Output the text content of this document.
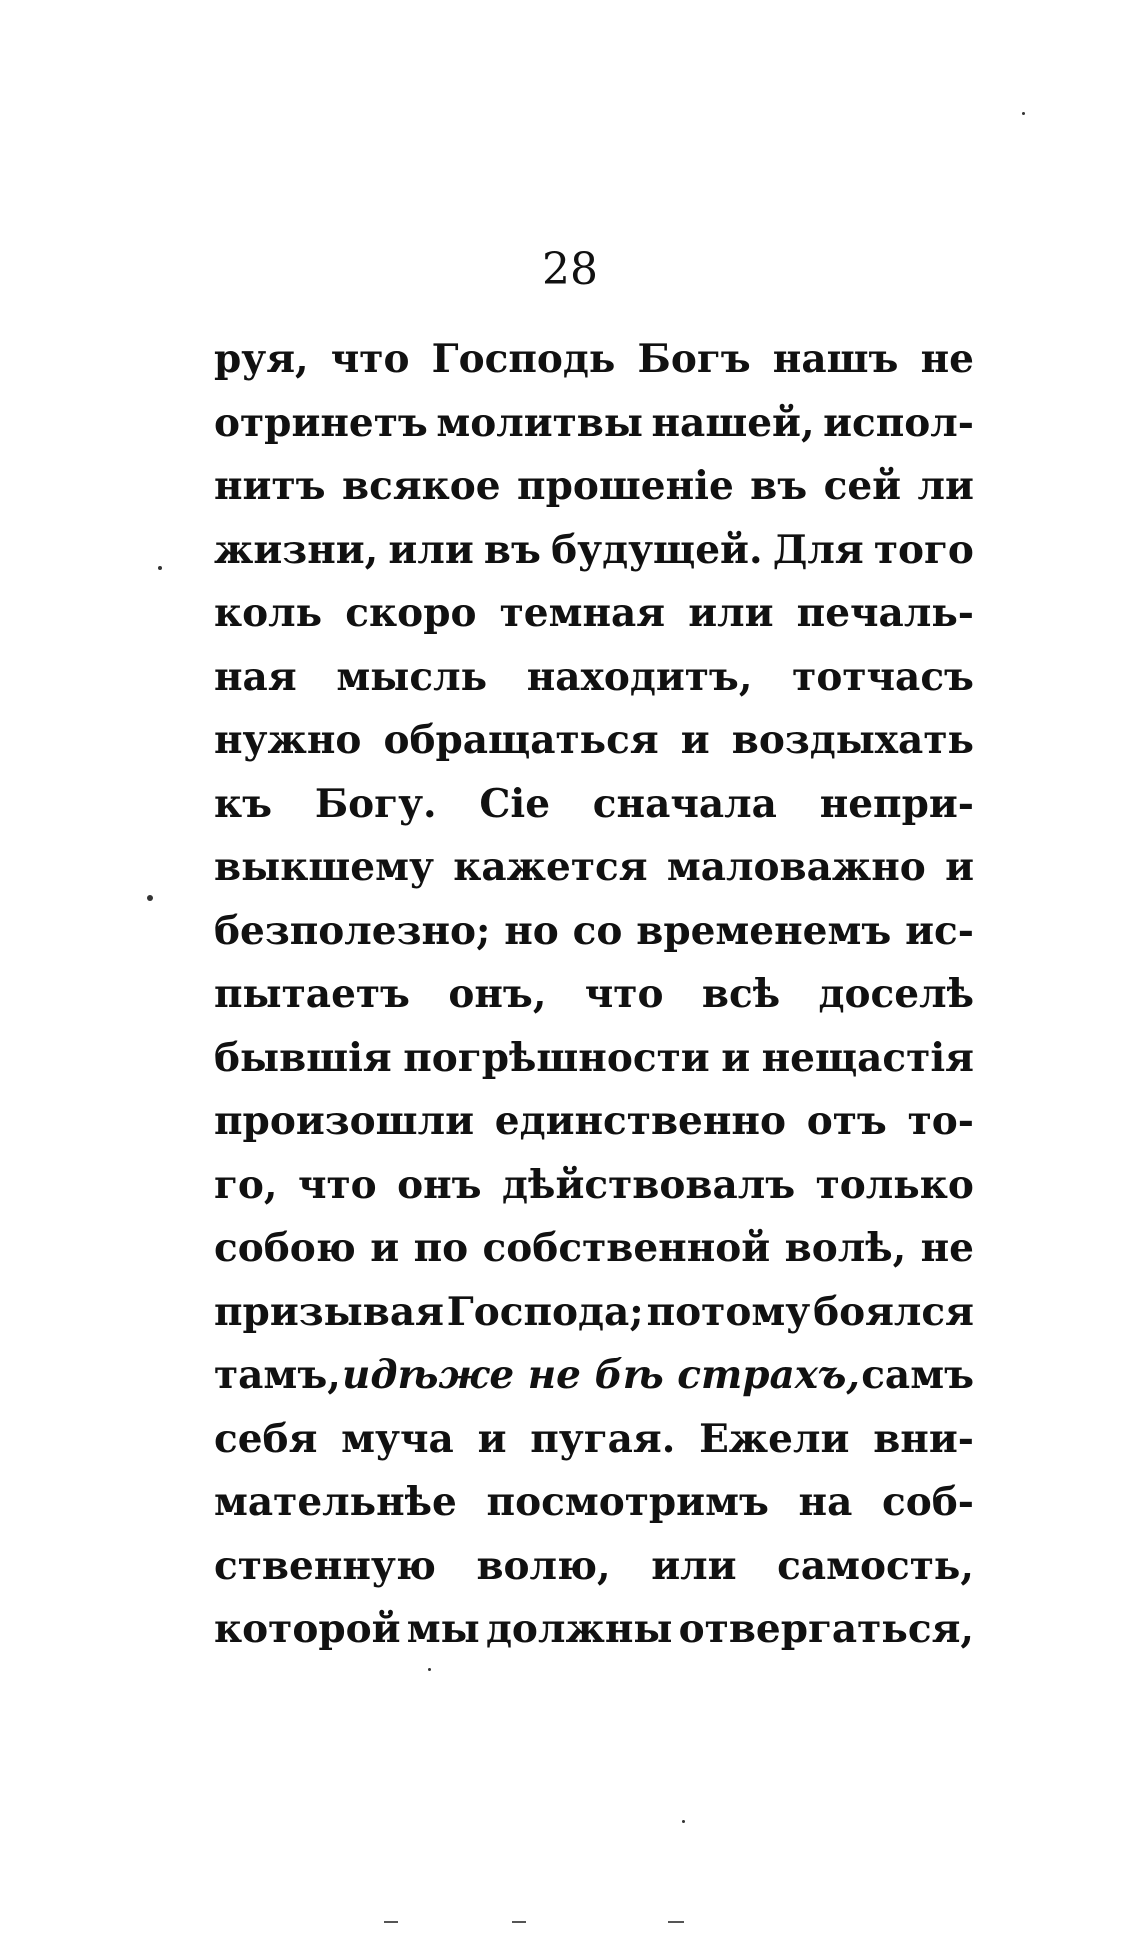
28
руя, что Господь Богъ нашъ не
отринетъ молитвы нашей, испол-
нитъ всякое прошеніе въ сей ли
жизни, или въ будущей. Для того
коль скоро темная или печаль-
ная мысль находитъ, тотчасъ
нужно обращаться и воздыхать
къ Богу. Сіе сначала непри-
выкшему кажется маловажно и
безполезно; но со временемъ ис-
пытаетъ онъ, что всѣ доселѣ
бывшія погрѣшности и нещастія
произошли единственно отъ то-
го, что онъ дѣйствовалъ только
собою и по собственной волѣ, не
призывая Господа; потому боялся
тамъ, идѣже не бѣ страхъ, самъ
себя муча и пугая. Ежели вни-
мательнѣе посмотримъ на соб-
ственную волю, или самость,
которой мы должны отвергаться,
